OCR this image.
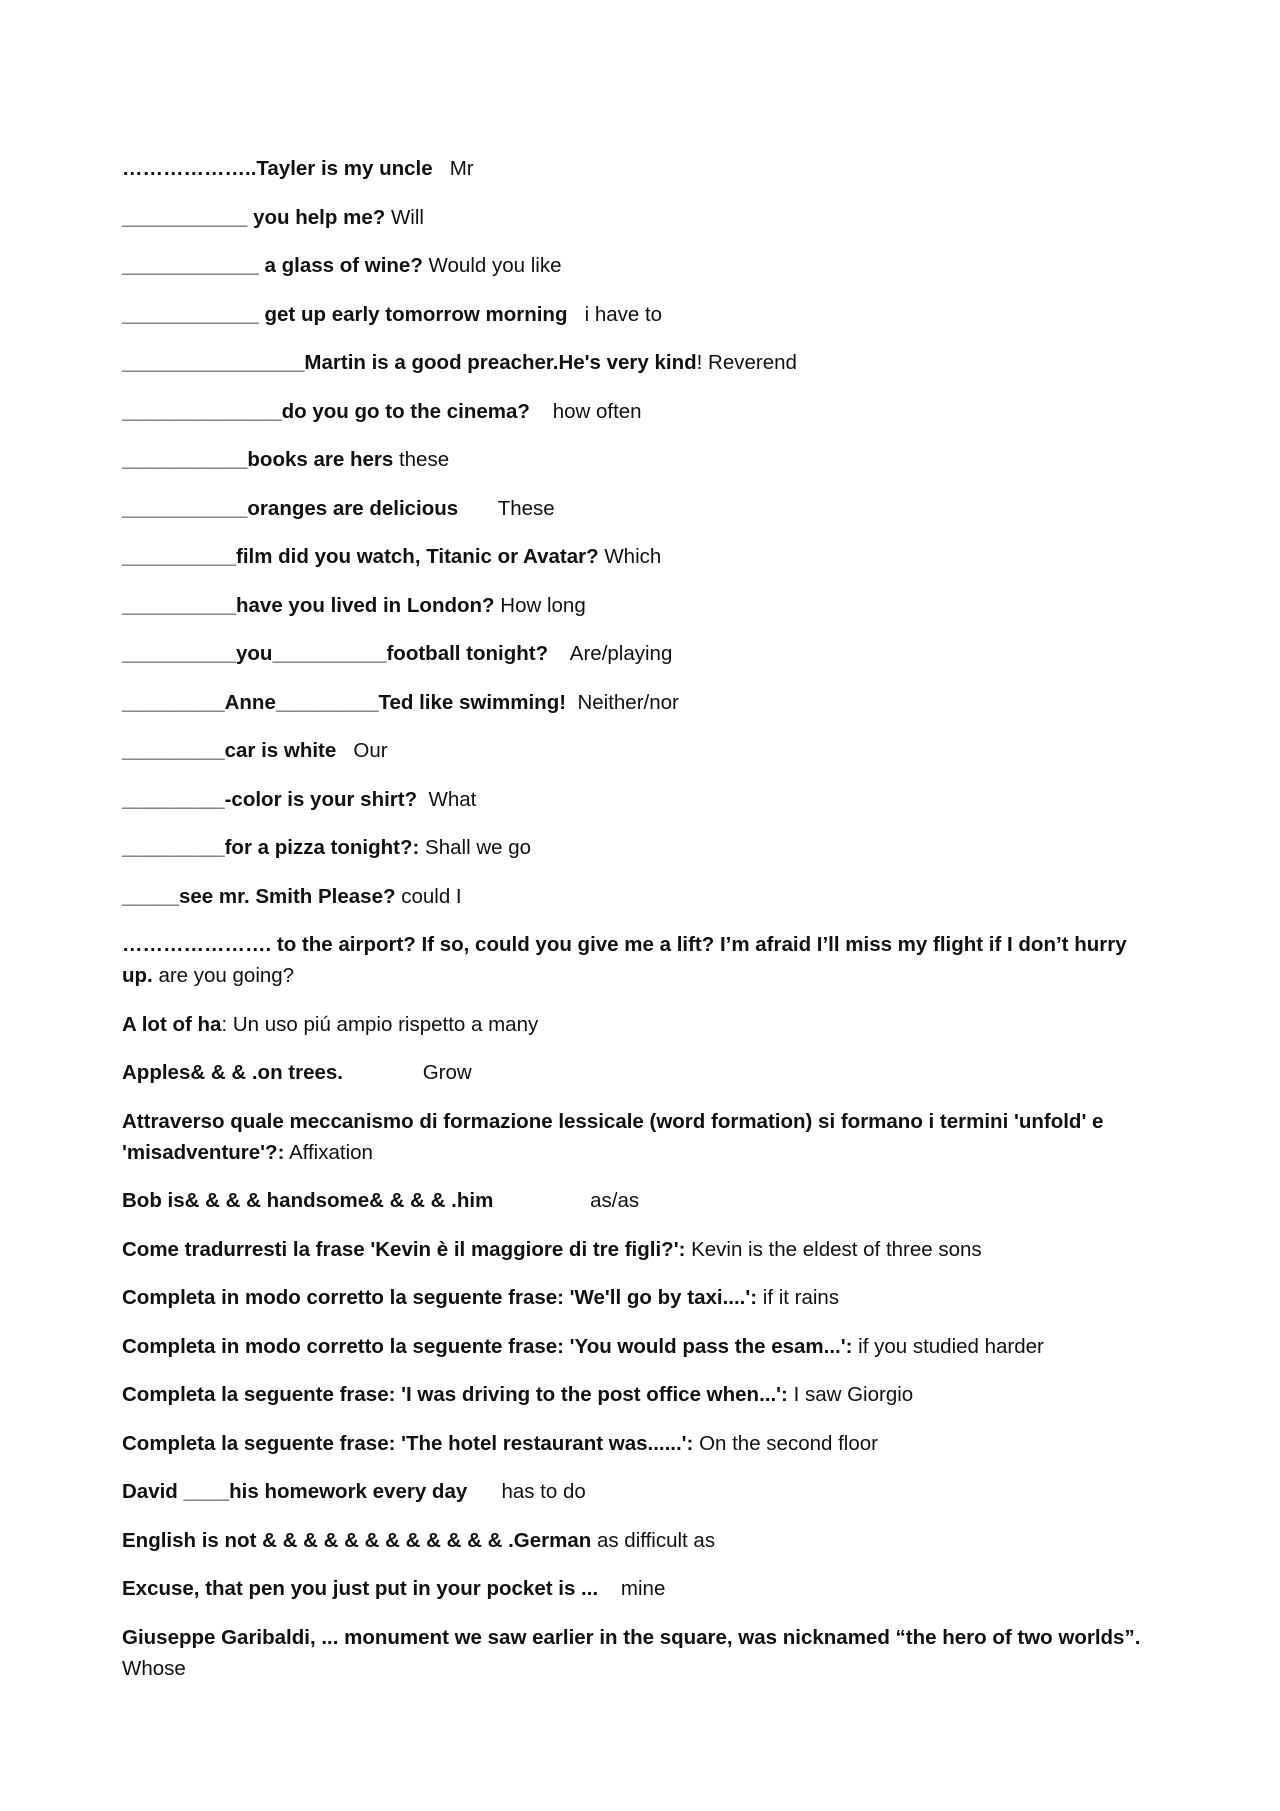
………………..Tayler is my uncle   Mr
___________ you help me? Will
____________ a glass of wine? Would you like
____________ get up early tomorrow morning   i have to
________________Martin is a good preacher.He's very kind! Reverend
______________do you go to the cinema?    how often
___________books are hers these
___________oranges are delicious       These
__________film did you watch, Titanic or Avatar? Which
__________have you lived in London? How long
__________you__________football tonight?    Are/playing
_________Anne_________Ted like swimming!  Neither/nor
_________car is white   Our
_________-color is your shirt?  What
_________for a pizza tonight?: Shall we go
_____see mr. Smith Please? could I
…………………. to the airport? If so, could you give me a lift? I’m afraid I’ll miss my flight if I don’t hurry up. are you going?
A lot of ha: Un uso piú ampio rispetto a many
Apples& & & .on trees.              Grow
Attraverso quale meccanismo di formazione lessicale (word formation) si formano i termini 'unfold' e 'misadventure'?: Affixation
Bob is& & & & handsome& & & & .him                 as/as
Come tradurresti la frase 'Kevin è il maggiore di tre figli?': Kevin is the eldest of three sons
Completa in modo corretto la seguente frase: 'We'll go by taxi....': if it rains
Completa in modo corretto la seguente frase: 'You would pass the esam...': if you studied harder
Completa la seguente frase: 'I was driving to the post office when...': I saw Giorgio
Completa la seguente frase: 'The hotel restaurant was......': On the second floor
David ____his homework every day      has to do
English is not & & & & & & & & & & & & .German as difficult as
Excuse, that pen you just put in your pocket is ...    mine
Giuseppe Garibaldi, ... monument we saw earlier in the square, was nicknamed “the hero of two worlds”. Whose
